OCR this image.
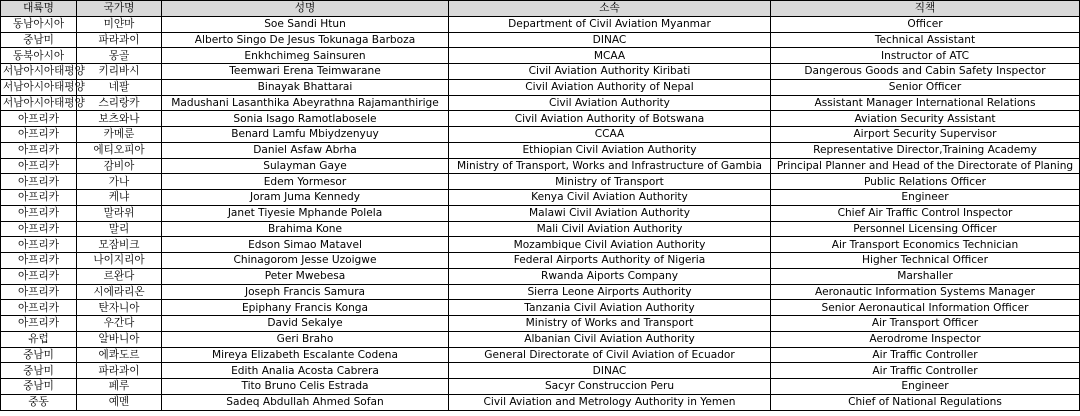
대륙명	국가명	성명	소속	직책
동남아시아	미얀마	Soe Sandi Htun	Department of Civil Aviation Myanmar	Officer
중남미	파라과이	Alberto Singo De Jesus Tokunaga Barboza	DINAC	Technical Assistant
동북아시아	몽골	Enkhchimeg Sainsuren	MCAA	Instructor of ATC
서남아시아태평양	키리바시	Teemwari Erena Teimwarane	Civil Aviation Authority Kiribati	Dangerous Goods and Cabin Safety Inspector
서남아시아태평양	네팔	Binayak Bhattarai	Civil Aviation Authority of Nepal	Senior Officer
서남아시아태평양	스리랑카	Madushani Lasanthika Abeyrathna Rajamanthirige	Civil Aviation Authority	Assistant Manager International Relations
아프리카	보츠와나	Sonia Isago Ramotlabosele	Civil Aviation Authority of Botswana	Aviation Security Assistant
아프리카	카메룬	Benard Lamfu Mbiydzenyuy	CCAA	Airport Security Supervisor
아프리카	에티오피아	Daniel Asfaw Abrha	Ethiopian Civil Aviation Authority	Representative Director,Training Academy
아프리카	감비아	Sulayman Gaye	Ministry of Transport, Works and Infrastructure of Gambia	Principal Planner and Head of the Directorate of Planing
아프리카	가나	Edem Yormesor	Ministry of Transport	Public Relations Officer
아프리카	케냐	Joram Juma Kennedy	Kenya Civil Aviation Authority	Engineer
아프리카	말라위	Janet Tiyesie Mphande Polela	Malawi Civil Aviation Authority	Chief Air Traffic Control Inspector
아프리카	말리	Brahima Kone	Mali Civil Aviation Authority	Personnel Licensing Officer
아프리카	모잠비크	Edson Simao Matavel	Mozambique Civil Aviation Authority	Air Transport Economics Technician
아프리카	나이지리아	Chinagorom Jesse Uzoigwe	Federal Airports Authority of Nigeria	Higher Technical Officer
아프리카	르완다	Peter Mwebesa	Rwanda Aiports Company	Marshaller
아프리카	시에라리온	Joseph Francis Samura	Sierra Leone Airports Authority	Aeronautic Information Systems Manager
아프리카	탄자니아	Epiphany Francis Konga	Tanzania Civil Aviation Authority	Senior Aeronautical Information Officer
아프리카	우간다	David Sekalye	Ministry of Works and Transport	Air Transport Officer
유럽	알바니아	Geri Braho	Albanian Civil Aviation Authority	Aerodrome Inspector
중남미	에콰도르	Mireya Elizabeth Escalante Codena	General Directorate of Civil Aviation of Ecuador	Air Traffic Controller
중남미	파라과이	Edith Analia Acosta Cabrera	DINAC	Air Traffic Controller
중남미	페루	Tito Bruno Celis Estrada	Sacyr Construccion Peru	Engineer
중동	예멘	Sadeq Abdullah Ahmed Sofan	Civil Aviation and Metrology Authority in Yemen	Chief of National Regulations
